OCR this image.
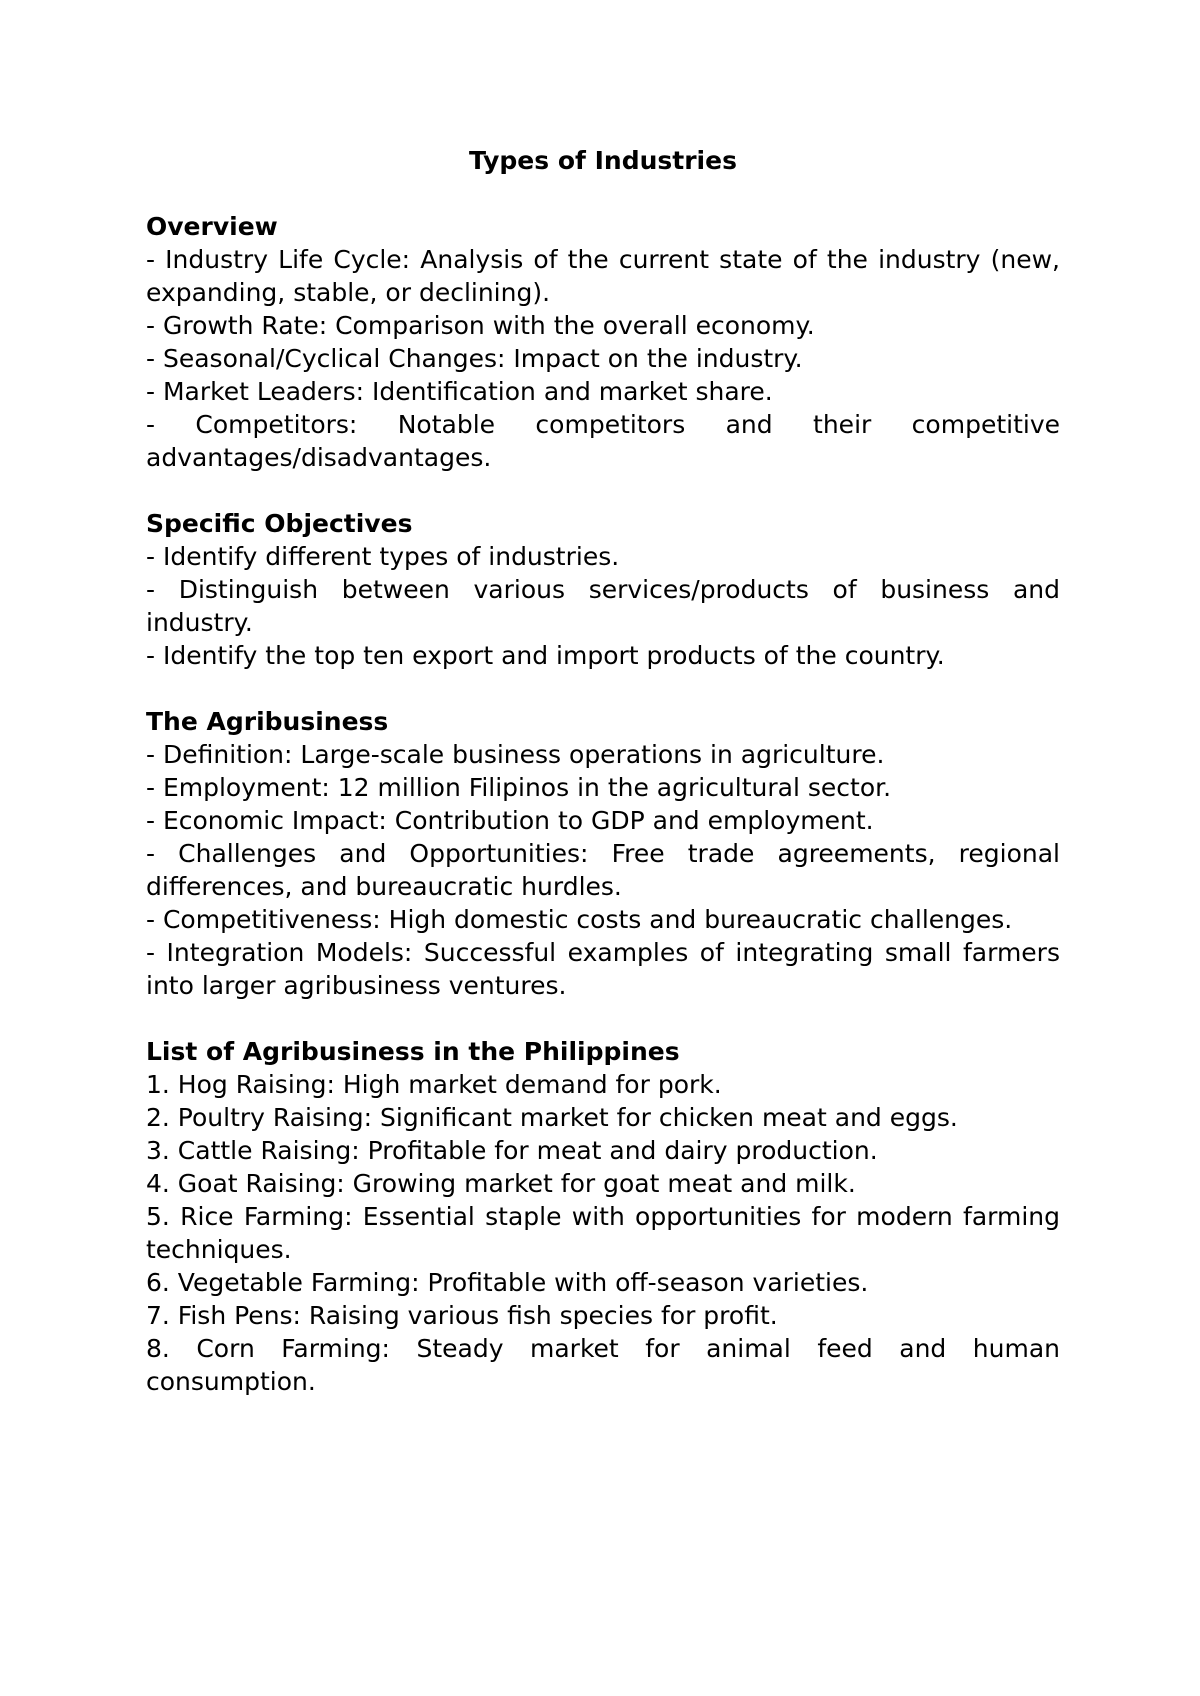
Types of Industries
Overview
- Industry Life Cycle: Analysis of the current state of the industry (new, expanding, stable, or declining).
- Growth Rate: Comparison with the overall economy.
- Seasonal/Cyclical Changes: Impact on the industry.
- Market Leaders: Identification and market share.
- Competitors: Notable competitors and their competitive advantages/disadvantages.
Specific Objectives
- Identify different types of industries.
- Distinguish between various services/products of business and industry.
- Identify the top ten export and import products of the country.
The Agribusiness
- Definition: Large-scale business operations in agriculture.
- Employment: 12 million Filipinos in the agricultural sector.
- Economic Impact: Contribution to GDP and employment.
- Challenges and Opportunities: Free trade agreements, regional differences, and bureaucratic hurdles.
- Competitiveness: High domestic costs and bureaucratic challenges.
- Integration Models: Successful examples of integrating small farmers into larger agribusiness ventures.
List of Agribusiness in the Philippines
1. Hog Raising: High market demand for pork.
2. Poultry Raising: Significant market for chicken meat and eggs.
3. Cattle Raising: Profitable for meat and dairy production.
4. Goat Raising: Growing market for goat meat and milk.
5. Rice Farming: Essential staple with opportunities for modern farming techniques.
6. Vegetable Farming: Profitable with off-season varieties.
7. Fish Pens: Raising various fish species for profit.
8. Corn Farming: Steady market for animal feed and human consumption.
